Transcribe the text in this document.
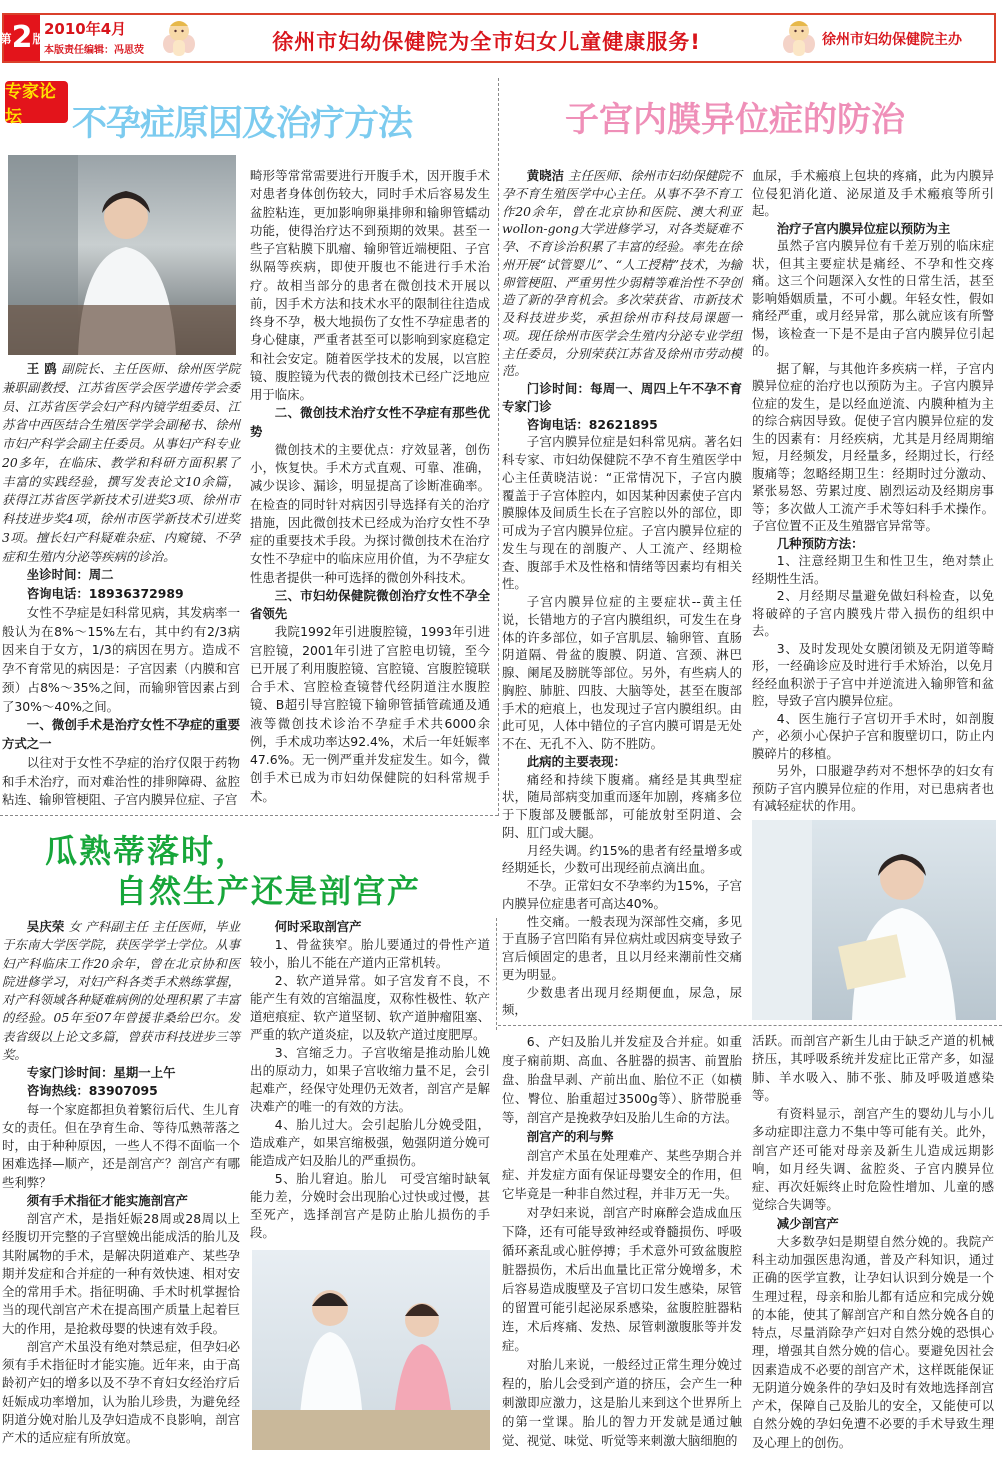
第 2 版
2010年4月
本版责任编辑：冯思荧	徐州市妇幼保健院为全市妇女儿童健康服务!	徐州市妇幼保健院主办
专家论坛	不孕症原因及治疗方法	子宫内膜异位症的防治
瓜熟蒂落时，
自然生产还是剖宫产

王 鸥 副院长、主任医师、徐州医学院兼职副教授、江苏省医学会医学遗传学会委员、江苏省医学会妇产科内镜学组委员、江苏省中西医结合生殖医学学会副秘书、徐州市妇产科学会副主任委员。从事妇产科专业20多年，在临床、教学和科研方面积累了丰富的实践经验，撰写发表论文10余篇，获得江苏省医学新技术引进奖3项、徐州市科技进步奖4项，徐州市医学新技术引进奖3项。擅长妇产科疑难杂症、内窥镜、不孕症和生殖内分泌等疾病的诊治。

坐诊时间：周二

咨询电话：18936372989

女性不孕症是妇科常见病，其发病率一般认为在8%～15%左右，其中约有2/3病因来自于女方，1/3的病因在男方。造成不孕不育常见的病因是：子宫因素（内膜和宫颈）占8%～35%之间，而输卵管因素占到了30%～40%之间。

一、微创手术是治疗女性不孕症的重要方式之一

以往对于女性不孕症的治疗仅限于药物和手术治疗，而对难治性的排卵障碍、盆腔粘连、输卵管梗阻、子宫内膜异位症、子宫

畸形等常常需要进行开腹手术，因开腹手术对患者身体创伤较大，同时手术后容易发生盆腔粘连，更加影响卵巢排卵和输卵管蠕动功能，使得治疗达不到预期的效果。甚至一些子宫粘膜下肌瘤、输卵管近端梗阻、子宫纵隔等疾病，即使开腹也不能进行手术治疗。故相当部分的患者在微创技术开展以前，因手术方法和技术水平的限制往往造成终身不孕，极大地损伤了女性不孕症患者的身心健康，严重者甚至可以影响到家庭稳定和社会安定。随着医学技术的发展，以宫腔镜、腹腔镜为代表的微创技术已经广泛地应用于临床。

二、微创技术治疗女性不孕症有那些优势

微创技术的主要优点：疗效显著，创伤小，恢复快。手术方式直观、可靠、准确，减少误诊、漏诊，明显提高了诊断准确率。在检查的同时针对病因引导选择有关的治疗措施，因此微创技术已经成为治疗女性不孕症的重要技术手段。为探讨微创技术在治疗女性不孕症中的临床应用价值，为不孕症女性患者提供一种可选择的微创外科技术。

三、市妇幼保健院微创治疗女性不孕全省领先

我院1992年引进腹腔镜，1993年引进宫腔镜，2001年引进了宫腔电切镜，至今已开展了利用腹腔镜、宫腔镜、宫腹腔镜联合手术、宫腔检查镜替代经阴道注水腹腔镜、B超引导宫腔镜下输卵管插管疏通及通液等微创技术诊治不孕症手术共6000余例，手术成功率达92.4%，术后一年妊娠率47.6%。无一例严重并发症发生。如今，微创手术已成为市妇幼保健院的妇科常规手术。

黄晓洁 主任医师、徐州市妇幼保健院不孕不育生殖医学中心主任。从事不孕不育工作20余年，曾在北京协和医院、澳大利亚wollon-gong大学进修学习，对各类疑难不孕、不育诊治积累了丰富的经验。率先在徐州开展“试管婴儿”、“人工授精”技术，为输卵管梗阻、严重男性少弱精等难治性不孕创造了新的孕育机会。多次荣获省、市新技术及科技进步奖，承担徐州市科技局课题一项。现任徐州市医学会生殖内分泌专业学组主任委员，分别荣获江苏省及徐州市劳动模范。

门诊时间：每周一、周四上午不孕不育专家门诊

咨询电话：82621895

子宫内膜异位症是妇科常见病。著名妇科专家、市妇幼保健院不孕不育生殖医学中心主任黄晓洁说：“正常情况下，子宫内膜覆盖于子宫体腔内，如因某种因素使子宫内膜腺体及间质生长在子宫腔以外的部位，即可成为子宫内膜异位症。子宫内膜异位症的发生与现在的剖腹产、人工流产、经期检查、腹部手术及性格和情绪等因素均有相关性。

子宫内膜异位症的主要症状--黄主任说，长错地方的子宫内膜组织，可发生在身体的许多部位，如子宫肌层、输卵管、直肠阴道隔、骨盆的腹膜、阴道、宫颈、淋巴腺、阑尾及膀胱等部位。另外，有些病人的胸腔、肺脏、四肢、大脑等处，甚至在腹部手术的疤痕上，也发现过子宫内膜组织。由此可见，人体中错位的子宫内膜可谓是无处不在、无孔不入、防不胜防。

此病的主要表现：

痛经和持续下腹痛。痛经是其典型症状，随局部病变加重而逐年加剧，疼痛多位于下腹部及腰骶部，可能放射至阴道、会阴、肛门或大腿。

月经失调。约15%的患者有经量增多或经期延长，少数可出现经前点滴出血。

不孕。正常妇女不孕率约为15%，子宫内膜异位症患者可高达40%。

性交痛。一般表现为深部性交痛，多见于直肠子宫凹陷有异位病灶或因病变导致子宫后倾固定的患者，且以月经来潮前性交痛更为明显。

少数患者出现月经期便血，尿急，尿频，

血尿，手术瘢痕上包块的疼痛，此为内膜异位侵犯消化道、泌尿道及手术瘢痕等所引起。

治疗子宫内膜异位症以预防为主

虽然子宫内膜异位有千差万别的临床症状，但其主要症状是痛经、不孕和性交疼痛。这三个问题深入女性的日常生活，甚至影响婚姻质量，不可小觑。年轻女性，假如痛经严重，或月经异常，那么就应该有所警惕，该检查一下是不是由子宫内膜异位引起的。

据了解，与其他许多疾病一样，子宫内膜异位症的治疗也以预防为主。子宫内膜异位症的发生，是以经血逆流、内膜种植为主的综合病因导致。促使子宫内膜异位症的发生的因素有：月经疾病，尤其是月经周期缩短，月经频发，月经量多，经期过长，行经腹痛等；忽略经期卫生：经期时过分激动、紧张易怒、劳累过度、剧烈运动及经期房事等；多次做人工流产手术等妇科手术操作。子宫位置不正及生殖器官异常等。

几种预防方法：

1、注意经期卫生和性卫生，绝对禁止经期性生活。

2、月经期尽量避免做妇科检查，以免将破碎的子宫内膜残片带入损伤的组织中去。

3、及时发现处女膜闭锁及无阴道等畸形，一经确诊应及时进行手术矫治，以免月经经血积淤于子宫中并逆流进入输卵管和盆腔，导致子宫内膜异位症。

4、医生施行子宫切开手术时，如剖腹产，必须小心保护子宫和腹壁切口，防止内膜碎片的移植。

另外，口服避孕药对不想怀孕的妇女有预防子宫内膜异位症的作用，对已患病者也有减轻症状的作用。

吴庆荣 女 产科副主任 主任医师，毕业于东南大学医学院，获医学学士学位。从事妇产科临床工作20余年，曾在北京协和医院进修学习，对妇产科各类手术熟练掌握，对产科领域各种疑难病例的处理积累了丰富的经验。05年至07年曾援非桑给巴尔。发表省级以上论文多篇，曾获市科技进步三等奖。

专家门诊时间：星期一上午

咨询热线：83907095

每一个家庭都担负着繁衍后代、生儿育女的责任。但在孕育生命、等待瓜熟蒂落之时，由于种种原因，一些人不得不面临一个困难选择—顺产，还是剖宫产？剖宫产有哪些利弊？

须有手术指征才能实施剖宫产

剖宫产术，是指妊娠28周或28周以上经腹切开完整的子宫壁娩出能成活的胎儿及其附属物的手术，是解决阴道难产、某些孕期并发症和合并症的一种有效快速、相对安全的常用手术。指征明确、手术时机掌握恰当的现代剖宫产术在提高围产质量上起着巨大的作用，是抢救母婴的快速有效手段。

剖宫产术虽没有绝对禁忌症，但孕妇必须有手术指征时才能实施。近年来，由于高龄初产妇的增多以及不孕不育妇女经治疗后妊娠成功率增加，认为胎儿珍贵，为避免经阴道分娩对胎儿及孕妇造成不良影响，剖宫产术的适应症有所放宽。

何时采取剖宫产

1、骨盆狭窄。胎儿要通过的骨性产道较小，胎儿不能在产道内正常机转。

2、软产道异常。如子宫发育不良，不能产生有效的宫缩温度，双称性极性、软产道疤痕症、软产道坚韧、软产道肿瘤阻塞、严重的软产道炎症，以及软产道过度肥厚。

3、宫缩乏力。子宫收缩是推动胎儿娩出的原动力，如果子宫收缩力量不足，会引起难产，经保守处理仍无效者，剖宫产是解决难产的唯一的有效的方法。

4、胎儿过大。会引起胎儿分娩受阻，造成难产，如果宫缩极强，勉强阴道分娩可能造成产妇及胎儿的严重损伤。

5、胎儿窘迫。胎儿　可受宫缩时缺氧能力差，分娩时会出现胎心过快或过慢，甚至死产，选择剖宫产是防止胎儿损伤的手段。

6、产妇及胎儿并发症及合并症。如重度子痫前期、高血、各脏器的损害、前置胎盘、胎盘早剥、产前出血、胎位不正（如横位、臀位、胎重超过3500g等）、脐带脱垂等，剖宫产是挽救孕妇及胎儿生命的方法。

剖宫产的利与弊

剖宫产术虽在处理难产、某些孕期合并症、并发症方面有保证母婴安全的作用，但它毕竟是一种非自然过程，并非万无一失。

对孕妇来说，剖宫产时麻醉会造成血压下降，还有可能导致神经或脊髓损伤、呼吸循环紊乱或心脏停搏；手术意外可致盆腹腔脏器损伤，术后出血量比正常分娩增多，术后容易造成腹壁及子宫切口发生感染，尿管的留置可能引起泌尿系感染，盆腹腔脏器粘连，术后疼痛、发热、尿管刺激腹胀等并发症。

对胎儿来说，一般经过正常生理分娩过程的，胎儿会受到产道的挤压，会产生一种刺激即应激力，这是胎儿来到这个世界所上的第一堂课。胎儿的智力开发就是通过触觉、视觉、味觉、听觉等来刺激大脑细胞的

活跃。而剖宫产新生儿由于缺乏产道的机械挤压，其呼吸系统并发症比正常产多，如湿肺、羊水吸入、肺不张、肺及呼吸道感染等。

有资料显示，剖宫产生的婴幼儿与小儿多动症即注意力不集中等可能有关。此外，剖宫产还可能对母亲及新生儿造成远期影响，如月经失调、盆腔炎、子宫内膜异位症、再次妊娠终止时危险性增加、儿童的感觉综合失调等。

减少剖宫产

大多数孕妇是期望自然分娩的。我院产科主动加强医患沟通，普及产科知识，通过正确的医学宣教，让孕妇认识到分娩是一个生理过程，母亲和胎儿都有适应和完成分娩的本能，使其了解剖宫产和自然分娩各自的特点，尽量消除孕产妇对自然分娩的恐惧心理，增强其自然分娩的信心。要避免因社会因素造成不必要的剖宫产术，这样既能保证无阴道分娩条件的孕妇及时有效地选择剖宫产术，保障自己及胎儿的安全，又能使可以自然分娩的孕妇免遭不必要的手术导致生理及心理上的创伤。
